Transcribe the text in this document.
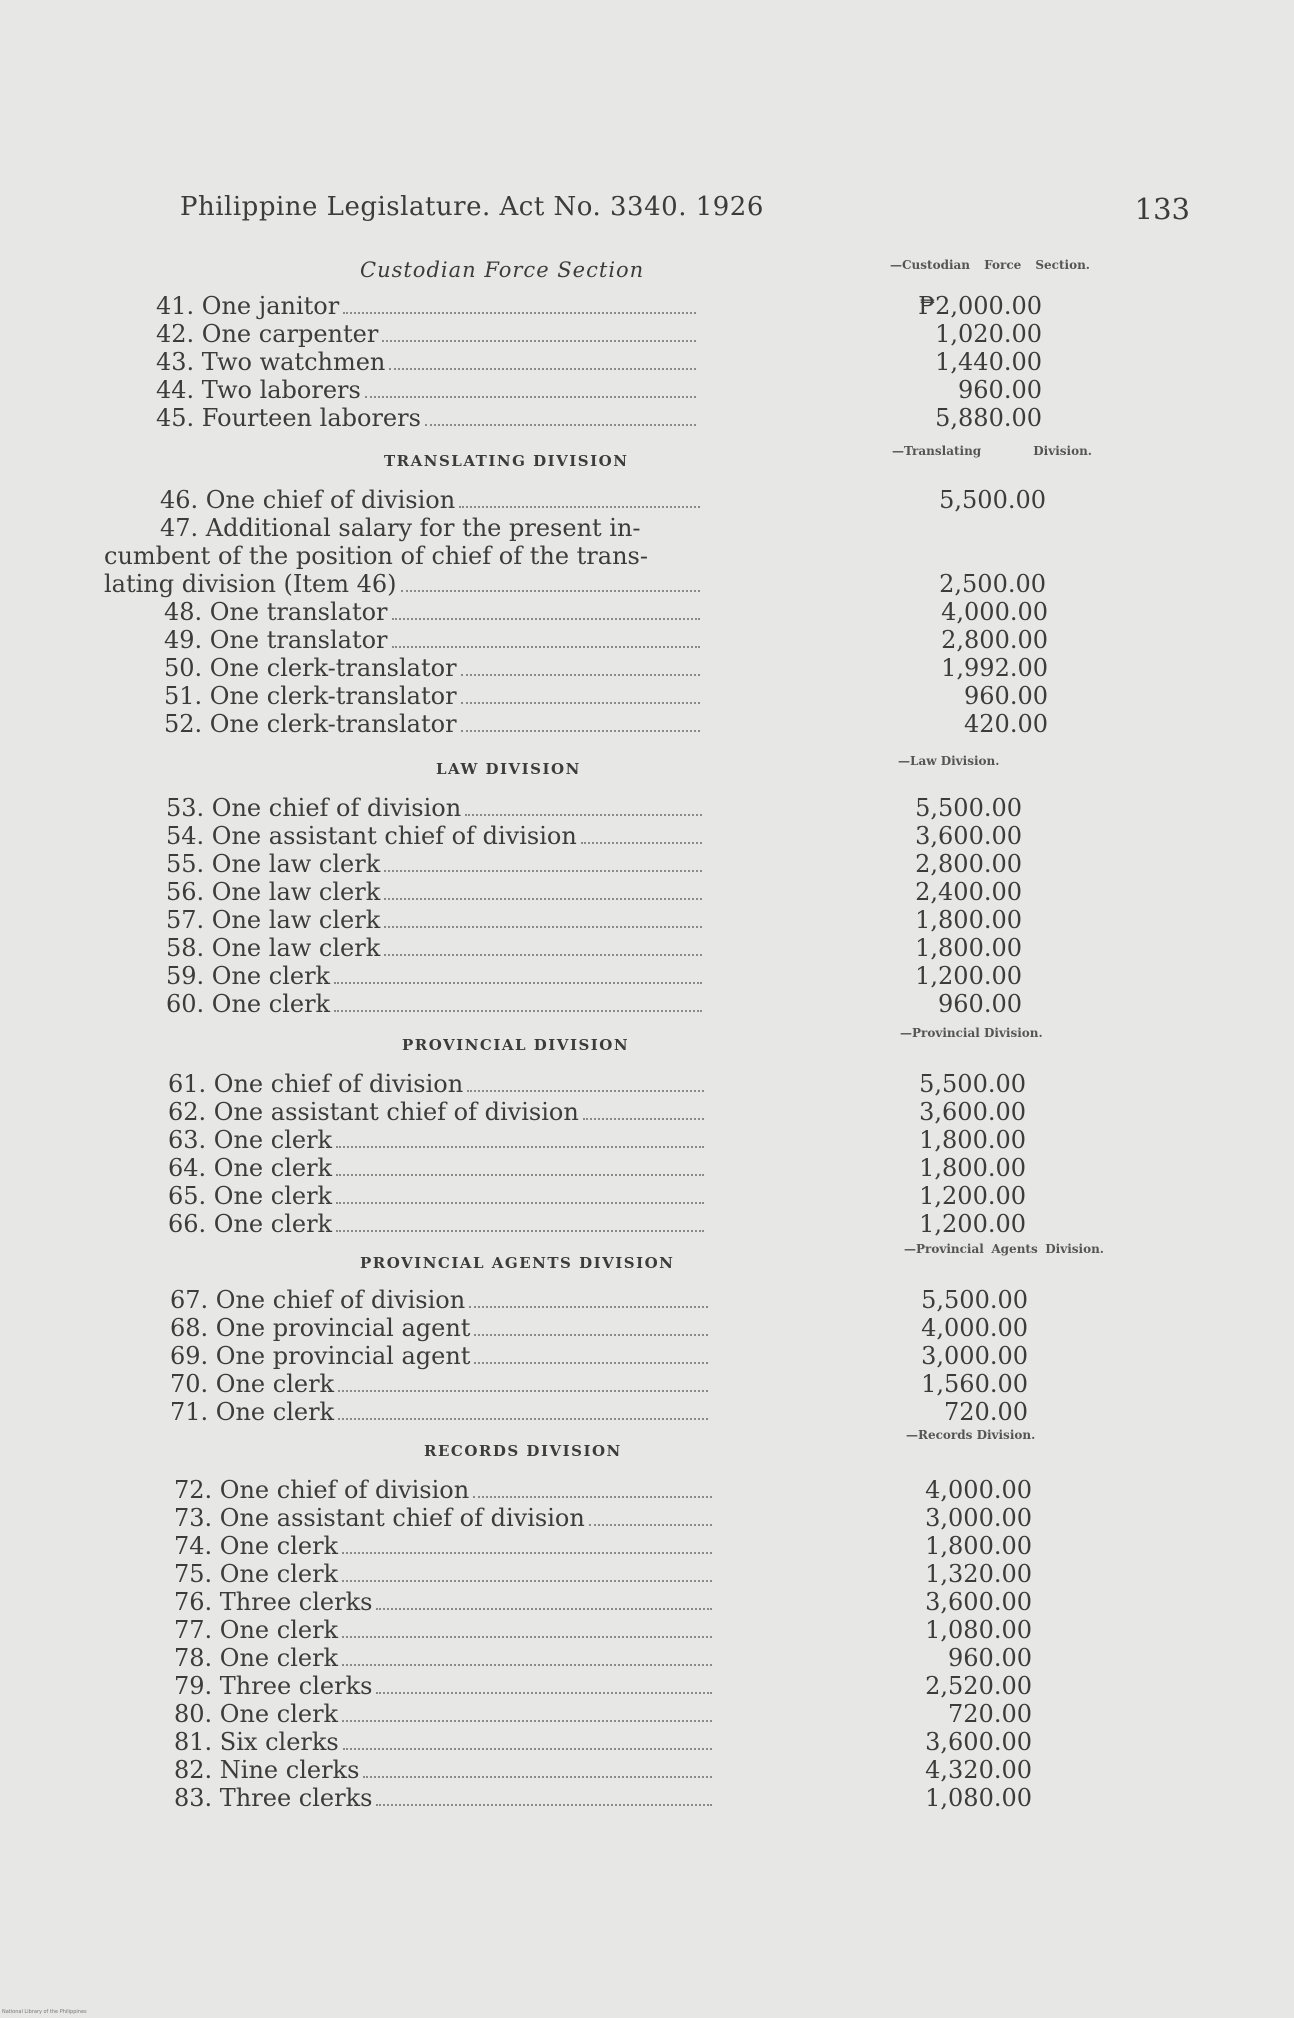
Philippine Legislature. Act No. 3340. 1926	133
Custodian Force Section	—Custodian Force Section.
41. One janitor	₱2,000.00
42. One carpenter	1,020.00
43. Two watchmen	1,440.00
44. Two laborers	960.00
45. Fourteen laborers	5,880.00
TRANSLATING DIVISION
—Translating Division.
46. One chief of division	5,500.00
47. Additional salary for the present in-
cumbent of the position of chief of the trans-
lating division (Item 46)	2,500.00
48. One translator	4,000.00
49. One translator	2,800.00
50. One clerk-translator	1,992.00
51. One clerk-translator	960.00
52. One clerk-translator	420.00
LAW DIVISION	—Law Division.
53. One chief of division	5,500.00
54. One assistant chief of division	3,600.00
55. One law clerk	2,800.00
56. One law clerk	2,400.00
57. One law clerk	1,800.00
58. One law clerk	1,800.00
59. One clerk	1,200.00
60. One clerk	960.00
PROVINCIAL DIVISION
—Provincial Division.
61. One chief of division	5,500.00
62. One assistant chief of division	3,600.00
63. One clerk	1,800.00
64. One clerk	1,800.00
65. One clerk	1,200.00
66. One clerk	1,200.00
PROVINCIAL AGENTS DIVISION
—Provincial Agents Division.
67. One chief of division	5,500.00
68. One provincial agent	4,000.00
69. One provincial agent	3,000.00
70. One clerk	1,560.00
71. One clerk	720.00
RECORDS DIVISION
—Records Division.
72. One chief of division	4,000.00
73. One assistant chief of division	3,000.00
74. One clerk	1,800.00
75. One clerk	1,320.00
76. Three clerks	3,600.00
77. One clerk	1,080.00
78. One clerk	960.00
79. Three clerks	2,520.00
80. One clerk	720.00
81. Six clerks	3,600.00
82. Nine clerks	4,320.00
83. Three clerks	1,080.00
National Library of the Philippines
